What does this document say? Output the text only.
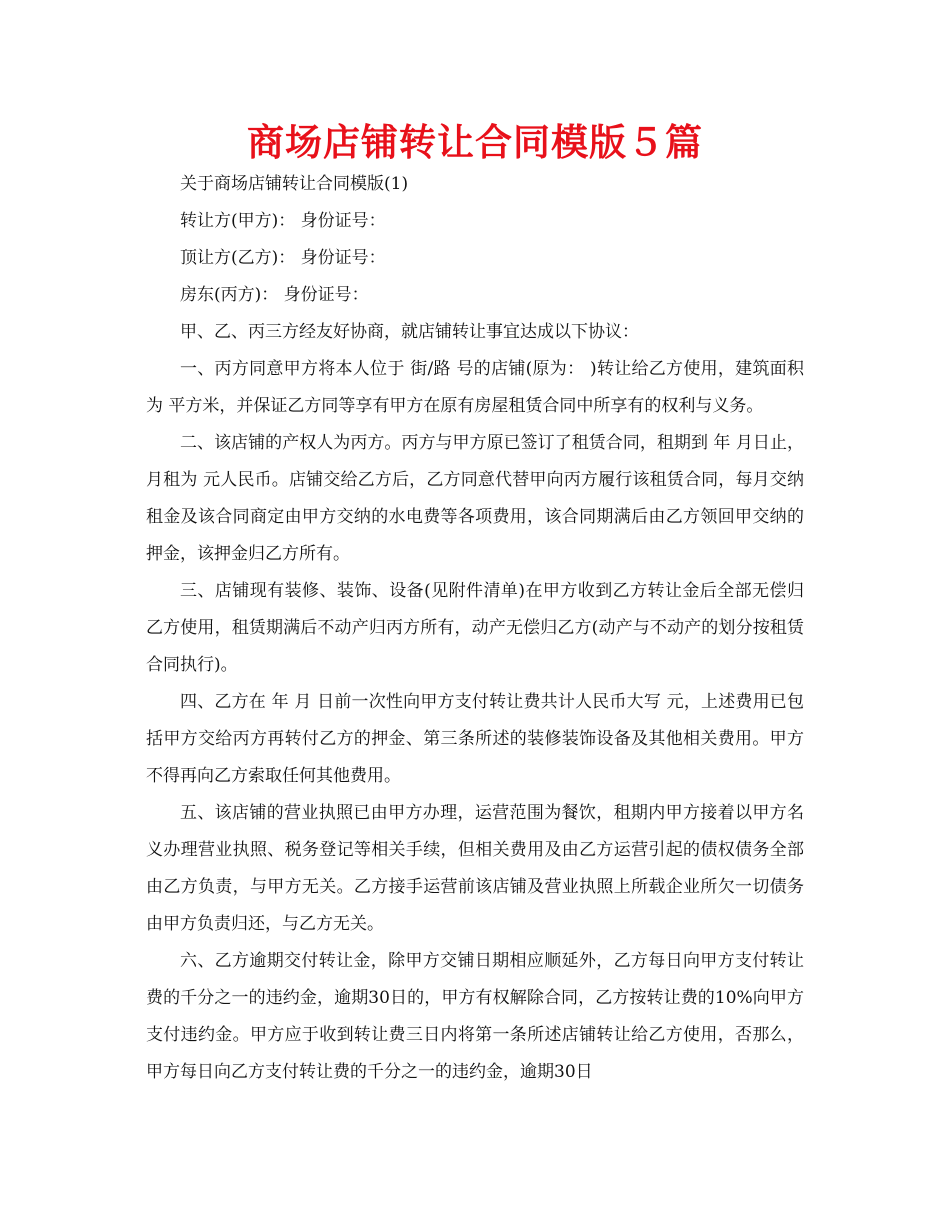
商场店铺转让合同模版５篇

关于商场店铺转让合同模版(1)

转让方(甲方)： 身份证号：

顶让方(乙方)： 身份证号：

房东(丙方)： 身份证号：

甲、乙、丙三方经友好协商，就店铺转让事宜达成以下协议：

一、丙方同意甲方将本人位于 街/路 号的店铺(原为： )转让给乙方使用，建筑面积为 平方米，并保证乙方同等享有甲方在原有房屋租赁合同中所享有的权利与义务。

二、该店铺的产权人为丙方。丙方与甲方原已签订了租赁合同，租期到 年 月日止，月租为 元人民币。店铺交给乙方后，乙方同意代替甲向丙方履行该租赁合同，每月交纳租金及该合同商定由甲方交纳的水电费等各项费用，该合同期满后由乙方领回甲交纳的押金，该押金归乙方所有。

三、店铺现有装修、装饰、设备(见附件清单)在甲方收到乙方转让金后全部无偿归乙方使用，租赁期满后不动产归丙方所有，动产无偿归乙方(动产与不动产的划分按租赁合同执行)。

四、乙方在 年 月 日前一次性向甲方支付转让费共计人民币大写 元，上述费用已包括甲方交给丙方再转付乙方的押金、第三条所述的装修装饰设备及其他相关费用。甲方不得再向乙方索取任何其他费用。

五、该店铺的营业执照已由甲方办理，运营范围为餐饮，租期内甲方接着以甲方名义办理营业执照、税务登记等相关手续，但相关费用及由乙方运营引起的债权债务全部由乙方负责，与甲方无关。乙方接手运营前该店铺及营业执照上所载企业所欠一切债务由甲方负责归还，与乙方无关。

六、乙方逾期交付转让金，除甲方交铺日期相应顺延外，乙方每日向甲方支付转让费的千分之一的违约金，逾期30日的，甲方有权解除合同，乙方按转让费的10%向甲方支付违约金。甲方应于收到转让费三日内将第一条所述店铺转让给乙方使用，否那么，甲方每日向乙方支付转让费的千分之一的违约金，逾期30日
